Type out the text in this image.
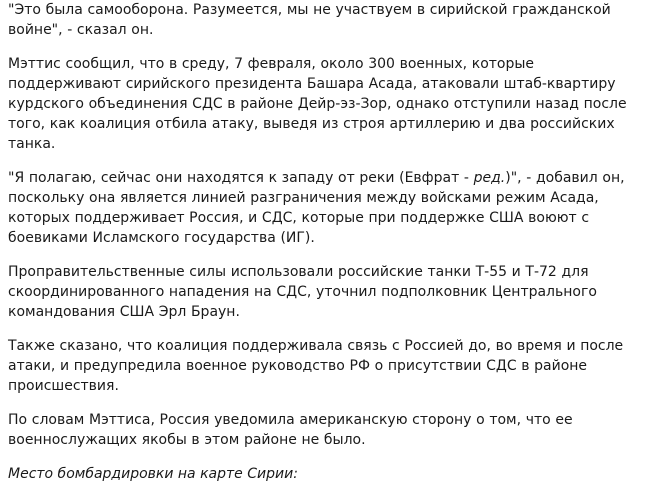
"Это была самооборона. Разумеется, мы не участвуем в сирийской гражданской войне", - сказал он.

Мэттис сообщил, что в среду, 7 февраля, около 300 военных, которые поддерживают сирийского президента Башара Асада, атаковали штаб-квартиру курдского объединения СДС в районе Дейр-эз-Зор, однако отступили назад после того, как коалиция отбила атаку, выведя из строя артиллерию и два российских танка.

"Я полагаю, сейчас они находятся к западу от реки (Евфрат - ред.)", - добавил он, поскольку она является линией разграничения между войсками режим Асада, которых поддерживает Россия, и СДС, которые при поддержке США воюют с боевиками Исламского государства (ИГ).

Проправительственные силы использовали российские танки Т-55 и Т-72 для скоординированного нападения на СДС, уточнил подполковник Центрального командования США Эрл Браун.

Также сказано, что коалиция поддерживала связь с Россией до, во время и после атаки, и предупредила военное руководство РФ о присутствии СДС в районе происшествия.

По словам Мэттиса, Россия уведомила американскую сторону о том, что ее военнослужащих якобы в этом районе не было.

Место бомбардировки на карте Сирии:
